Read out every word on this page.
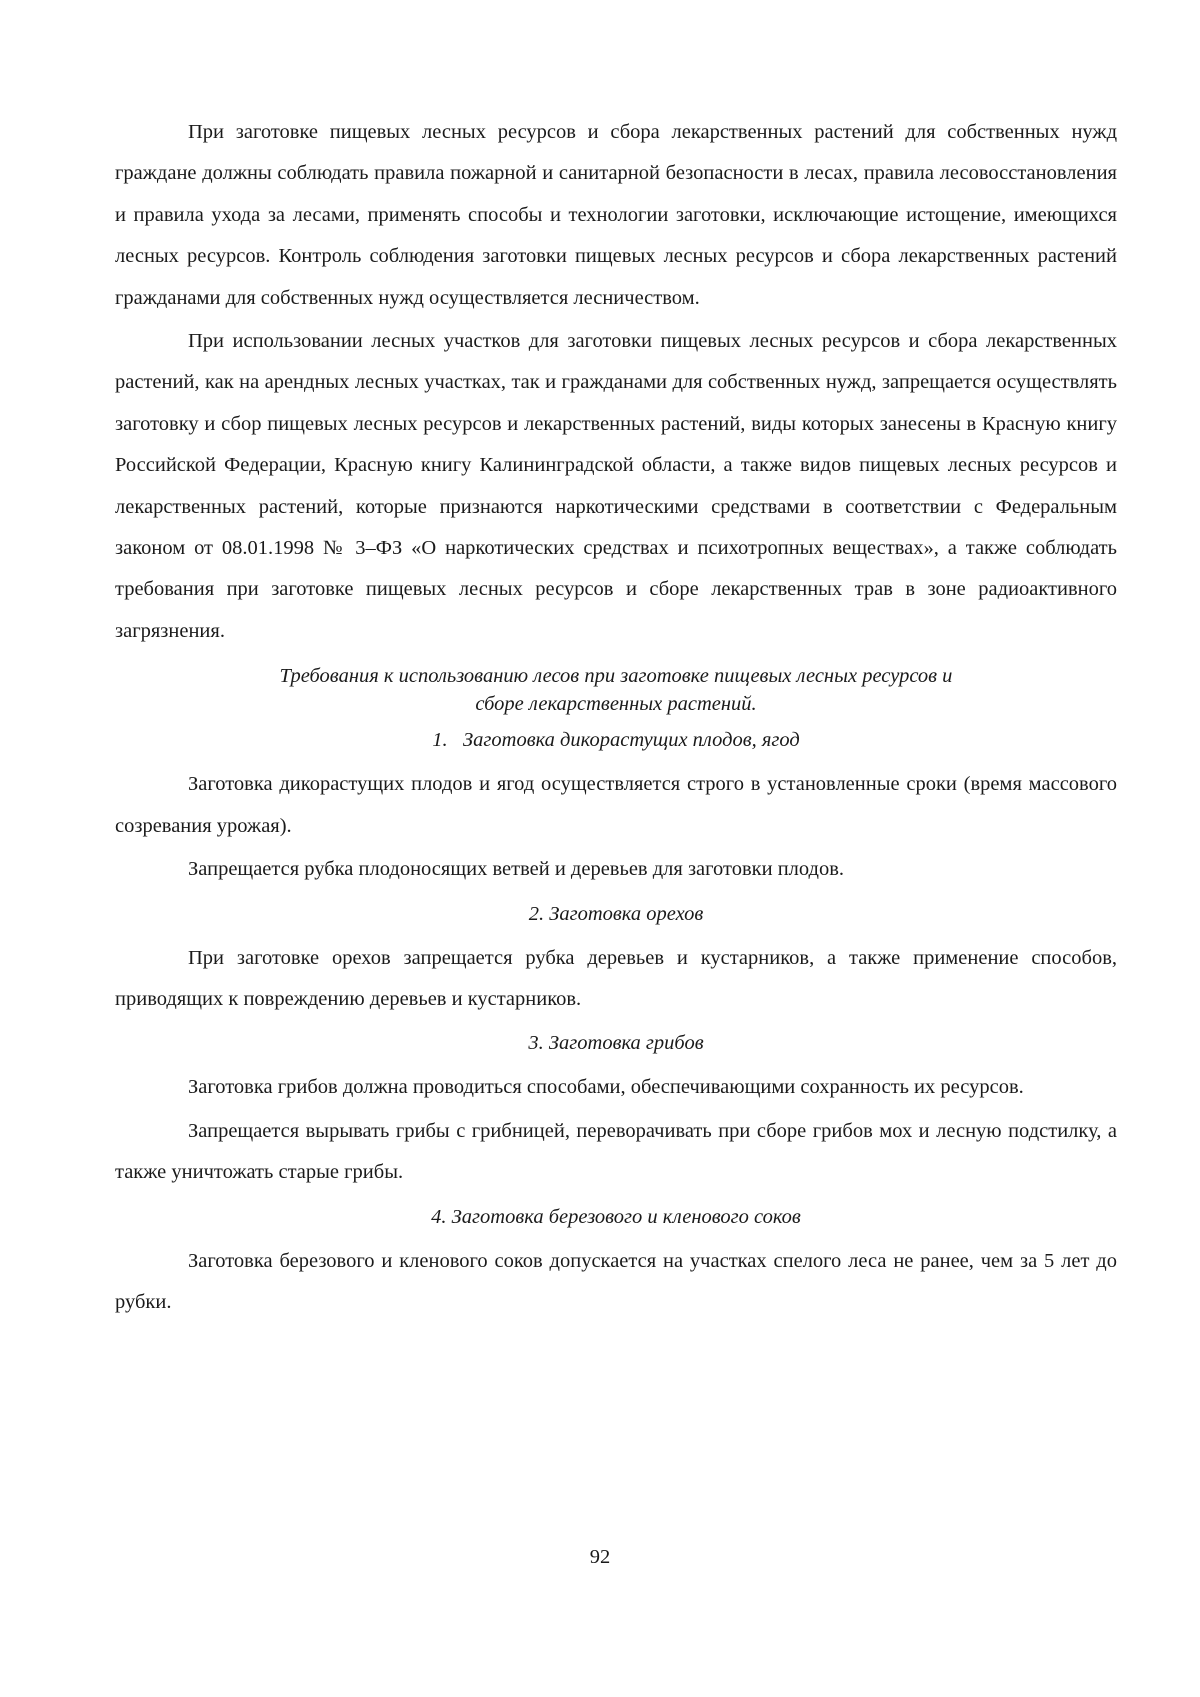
При заготовке пищевых лесных ресурсов и сбора лекарственных растений для собственных нужд граждане должны соблюдать правила пожарной и санитарной безопасности в лесах, правила лесовосстановления и правила ухода за лесами, применять способы и технологии заготовки, исключающие истощение, имеющихся лесных ресурсов. Контроль соблюдения заготовки пищевых лесных ресурсов и сбора лекарственных растений гражданами для собственных нужд осуществляется лесничеством.

При использовании лесных участков для заготовки пищевых лесных ресурсов и сбора лекарственных растений, как на арендных лесных участках, так и гражданами для собственных нужд, запрещается осуществлять заготовку и сбор пищевых лесных ресурсов и лекарственных растений, виды которых занесены в Красную книгу Российской Федерации, Красную книгу Калининградской области, а также видов пищевых лесных ресурсов и лекарственных растений, которые признаются наркотическими средствами в соответствии с Федеральным законом от 08.01.1998 № 3–ФЗ «О наркотических средствах и психотропных веществах», а также соблюдать требования при заготовке пищевых лесных ресурсов и сборе лекарственных трав в зоне радиоактивного загрязнения.

Требования к использованию лесов при заготовке пищевых лесных ресурсов и сборе лекарственных растений.
1.   Заготовка дикорастущих плодов, ягод

Заготовка дикорастущих плодов и ягод осуществляется строго в установленные сроки (время массового созревания урожая).

Запрещается рубка плодоносящих ветвей и деревьев для заготовки плодов.

2. Заготовка орехов

При заготовке орехов запрещается рубка деревьев и кустарников, а также применение способов, приводящих к повреждению деревьев и кустарников.

3. Заготовка грибов

Заготовка грибов должна проводиться способами, обеспечивающими сохранность их ресурсов.

Запрещается вырывать грибы с грибницей, переворачивать при сборе грибов мох и лесную подстилку, а также уничтожать старые грибы.

4. Заготовка березового и кленового соков

Заготовка березового и кленового соков допускается на участках спелого леса не ранее, чем за 5 лет до рубки.

92
